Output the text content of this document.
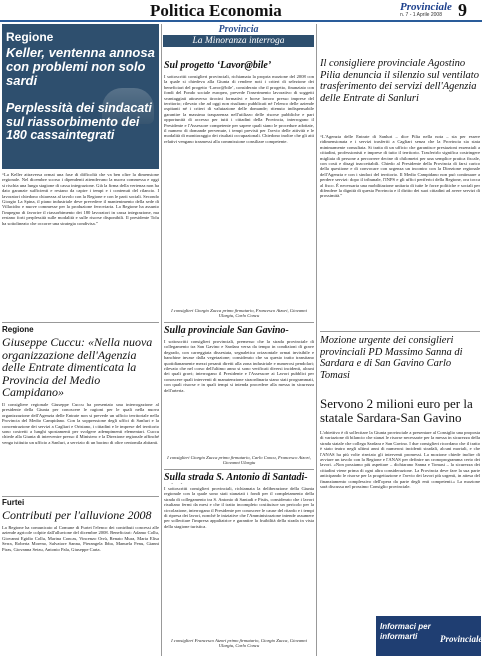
Politica Economia	Provinciale
n. 7 - 1 Aprile 2008 9
Regione
Keller, ventenna annosa con problemi non solo sardi
Perplessità dei sindacati sul riassorbimento dei 180 cassaintegrati
“La Keller attraversa ormai una fase di difficoltà che va ben oltre la dimensione regionale. Nel dicembre scorso i dipendenti attendevano la nuova commessa e oggi si rischia una lunga stagione di cassa integrazione. Già la firma della vertenza non ha dato garanzie sufficienti e restano da capire i tempi e i contenuti del rilancio. I lavoratori chiedono chiarezza al tavolo con la Regione e con le parti sociali. Secondo Giorgio La Spina, il piano industriale deve prevedere il mantenimento della sede di Villacidro e nuove commesse per la produzione ferroviaria. La Regione ha assunto l'impegno di favorire il riassorbimento dei 180 lavoratori in cassa integrazione, ma restano forti perplessità sulle modalità e sulle risorse disponibili. Il presidente Tolu ha sottolineato che occorre una strategia condivisa.”
Regione
Giuseppe Cuccu: «Nella nuova organizzazione dell'Agenzia delle Entrate dimenticata la Provincia del Medio Campidano»
Il consigliere regionale Giuseppe Cuccu ha presentato una interrogazione al presidente della Giunta per conoscere le ragioni per le quali nella nuova organizzazione dell'Agenzia delle Entrate non si prevede un ufficio territoriale nella Provincia del Medio Campidano. Con la soppressione degli uffici di Sanluri e la concentrazione dei servizi a Cagliari e Oristano, i cittadini e le imprese del territorio sono costretti a lunghi spostamenti per svolgere adempimenti elementari. Cuccu chiede alla Giunta di intervenire presso il Ministero e la Direzione regionale affinché venga istituito un ufficio a Sanluri, a servizio di un bacino di oltre centomila abitanti.
Furtei
Contributi per l'alluvione 2008
La Regione ha comunicato al Comune di Furtei l'elenco dei contributi concessi alle aziende agricole colpite dall'alluvione del dicembre 2008. Beneficiari: Adamo Collu, Giovanni Egidio Collu, Marina Concas, Vincenzo Orrù, Renato Mura, Maria Elisa Serra, Roberta Moreno, Salvatore Sanna, Pierangela Ibba, Manuela Fenu, Gianni Piras, Giovanna Setzu, Antonio Pala, Giuseppe Carta.
Provincia
La Minoranza interroga
Sul progetto ‘Lavor@bile’
I sottoscritti consiglieri provinciali, richiamata la propria mozione del 2008 con la quale si chiedeva alla Giunta di rendere noti i criteri di selezione dei beneficiari del progetto ‘Lavor@bile’, considerato che il progetto, finanziato con fondi del Fondo sociale europeo, prevede l'inserimento lavorativo di soggetti svantaggiati attraverso tirocini formativi e borse lavoro presso imprese del territorio; rilevato che ad oggi non risultano pubblicati né l'elenco delle aziende ospitanti né i criteri di valutazione delle domande; ritenuto indispensabile garantire la massima trasparenza nell'utilizzo delle risorse pubbliche e pari opportunità di accesso per tutti i cittadini della Provincia, interrogano il Presidente e l'Assessore competente per sapere quali siano le procedure adottate, il numero di domande pervenute, i tempi previsti per l'avvio delle attività e le modalità di monitoraggio dei risultati occupazionali. Chiedono inoltre che gli atti relativi vengano trasmessi alla commissione consiliare competente.
I consiglieri Giorgio Zucca primo firmatario, Francesco Atzori, Giovanni Ulargiu, Carlo Concu
Sulla provinciale San Gavino-
I sottoscritti consiglieri provinciali, premesso che la strada provinciale di collegamento tra San Gavino e Sardara versa da tempo in condizioni di grave degrado, con carreggiata dissestata, segnaletica orizzontale ormai invisibile e banchine invase dalla vegetazione; considerato che su questo tratto transitano quotidianamente mezzi pesanti diretti alla zona industriale e numerosi pendolari; rilevato che nel corso dell'ultimo anno si sono verificati diversi incidenti, alcuni dei quali gravi; interrogano il Presidente e l'Assessore ai Lavori pubblici per conoscere quali interventi di manutenzione straordinaria siano stati programmati, con quali risorse e in quali tempi si intenda procedere alla messa in sicurezza dell'arteria.
I consiglieri Giorgio Zucca primo firmatario, Carlo Concu, Francesco Atzori, Giovanni Ulargiu
Sulla strada S. Antonio di Santadi-
I sottoscritti consiglieri provinciali, richiamata la deliberazione della Giunta regionale con la quale sono stati stanziati i fondi per il completamento della strada di collegamento tra S. Antonio di Santadi e Pistis, considerato che i lavori risultano fermi da mesi e che il tratto incompleto costituisce un pericolo per la circolazione, interrogano il Presidente per conoscere le cause del ritardo e i tempi di ripresa dei lavori, nonché le iniziative che l'Amministrazione intende assumere per sollecitare l'impresa appaltatrice e garantire la fruibilità della strada in vista della stagione turistica.
I consiglieri Francesco Atzori primo firmatario, Giorgio Zucca, Giovanni Ulargiu, Carlo Concu
Il consigliere provinciale Agostino Pilia denuncia il silenzio sul ventilato trasferimento dei servizi dell'Agenzia delle Entrate di Sanluri
“L'Agenzia delle Entrate di Sanluri – dice Pilia nella nota – sta per essere ridimensionata e i servizi trasferiti a Cagliari senza che la Provincia sia stata minimamente consultata. Si tratta di un ufficio che garantisce prestazioni essenziali a cittadini, professionisti e imprese di tutto il territorio. Trasferirlo significa costringere migliaia di persone a percorrere decine di chilometri per una semplice pratica fiscale, con costi e disagi inaccettabili. Chiedo al Presidente della Provincia di farsi carico della questione e di convocare con urgenza un incontro con la Direzione regionale dell'Agenzia e con i sindaci del territorio. Il Medio Campidano non può continuare a perdere servizi: dopo il tribunale, l'INPS e gli uffici periferici della Regione, ora tocca al fisco. È necessaria una mobilitazione unitaria di tutte le forze politiche e sociali per difendere la dignità di questa Provincia e il diritto dei suoi cittadini ad avere servizi di prossimità.”
Mozione urgente dei consiglieri provinciali PD Massimo Sanna di Sardara e di San Gavino Carlo Tomasi
Servono 2 milioni euro per la statale Sardara-San Gavino
L'obiettivo è di sollecitare la Giunta provinciale a presentare al Consiglio una proposta di variazione di bilancio che stanzi le risorse necessarie per la messa in sicurezza della strada statale che collega Sardara e San Gavino. I due consiglieri ricordano che il tratto è stato teatro negli ultimi anni di numerosi incidenti stradali, alcuni mortali, e che l'ANAS ha più volte rinviato gli interventi promessi. La mozione chiede inoltre di avviare un tavolo con la Regione e l'ANAS per definire un cronoprogramma certo dei lavori. «Non possiamo più aspettare – dichiarano Sanna e Tomasi – la sicurezza dei cittadini viene prima di ogni altra considerazione. La Provincia deve fare la sua parte anticipando le risorse per la progettazione e l'avvio dei lavori più urgenti, in attesa del finanziamento complessivo dell'opera da parte degli enti competenti.» La mozione sarà discussa nel prossimo Consiglio provinciale.
Informaci per informarti	Provinciale
